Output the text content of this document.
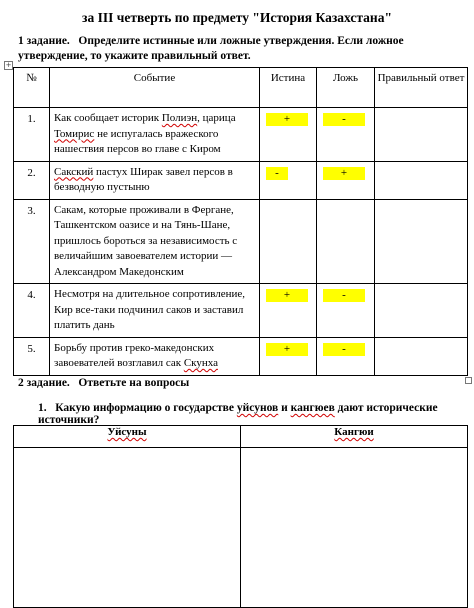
за III четверть по предмету "История Казахстана"
1 задание. Определите истинные или ложные утверждения. Если ложное утверждение, то укажите правильный ответ.
+
№	Событие	Истина	Ложь	Правильный ответ
1.	Как сообщает историк Полиэн, царица Томирис не испугалась вражеского нашествия персов во главе с Киром	+	-	
2.	Сакский пастух Ширак завел персов в безводную пустыню	-	+	
3.	Сакам, которые проживали в Фергане, Ташкентском оазисе и на Тянь-Шане, пришлось бороться за независимость с величайшим завоевателем истории — Александром Македонским			
4.	Несмотря на длительное сопротивление, Кир все-таки подчинил саков и заставил платить дань	+	-	
5.	Борьбу против греко-македонских завоевателей возглавил сак Скунха	+	-	
2 задание. Ответьте на вопросы
1. Какую информацию о государстве уйсунов и кангюев дают исторические источники?
Уйсуны	Кангюи
